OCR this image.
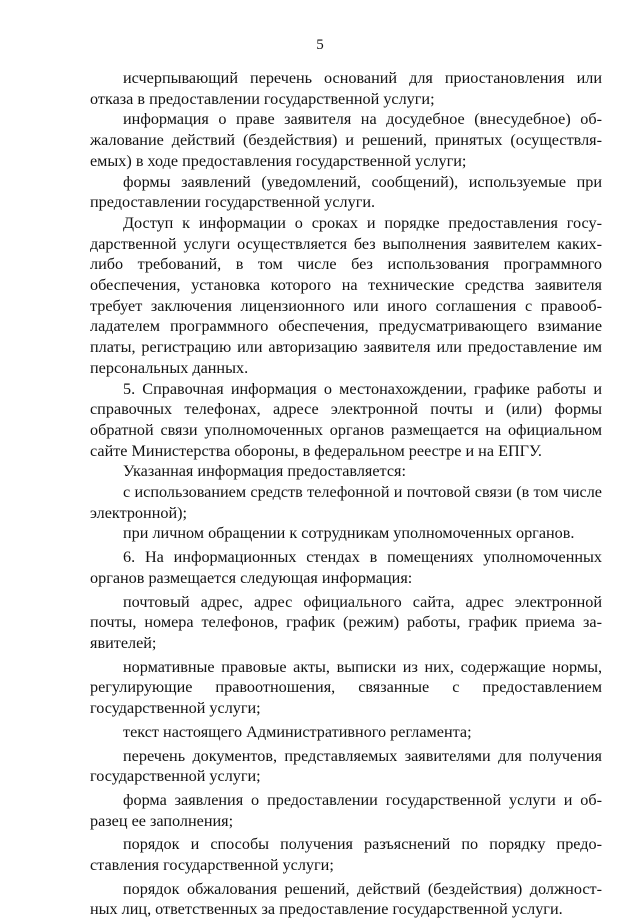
5

исчерпывающий перечень оснований для приостановления или отказа в предоставлении государственной услуги;

информация о праве заявителя на досудебное (внесудебное) обжалование действий (бездействия) и решений, принятых (осуществляемых) в ходе предоставления государственной услуги;

формы заявлений (уведомлений, сообщений), используемые при предоставлении государственной услуги.

Доступ к информации о сроках и порядке предоставления государственной услуги осуществляется без выполнения заявителем каких-либо требований, в том числе без использования программного обеспечения, установка которого на технические средства заявителя требует заключения лицензионного или иного соглашения с правообладателем программного обеспечения, предусматривающего взимание платы, регистрацию или авторизацию заявителя или предоставление им персональных данных.

5. Справочная информация о местонахождении, графике работы и справочных телефонах, адресе электронной почты и (или) формы обратной связи уполномоченных органов размещается на официальном сайте Министерства обороны, в федеральном реестре и на ЕПГУ.

Указанная информация предоставляется:

с использованием средств телефонной и почтовой связи (в том числе электронной);

при личном обращении к сотрудникам уполномоченных органов.

6. На информационных стендах в помещениях уполномоченных органов размещается следующая информация:

почтовый адрес, адрес официального сайта, адрес электронной почты, номера телефонов, график (режим) работы, график приема заявителей;

нормативные правовые акты, выписки из них, содержащие нормы, регулирующие правоотношения, связанные с предоставлением государственной услуги;

текст настоящего Административного регламента;

перечень документов, представляемых заявителями для получения государственной услуги;

форма заявления о предоставлении государственной услуги и образец ее заполнения;

порядок и способы получения разъяснений по порядку предоставления государственной услуги;

порядок обжалования решений, действий (бездействия) должностных лиц, ответственных за предоставление государственной услуги.
